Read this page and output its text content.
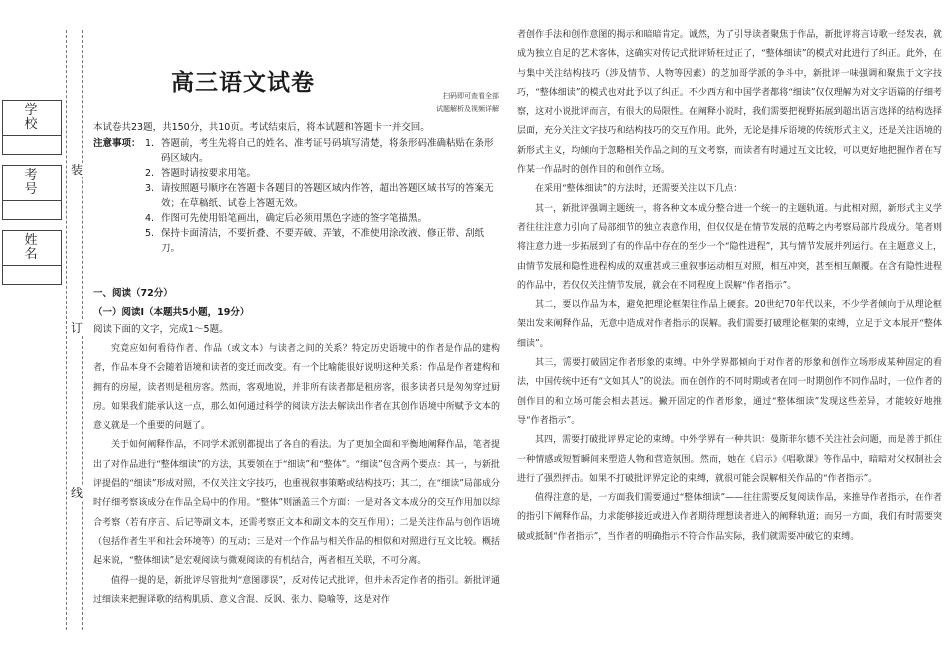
装
订
线
学 校
考 号
姓 名
高三语文试卷	扫码即可查看全部
试题解析及视频详解
本试卷共23题，共150分，共10页。考试结束后，将本试题和答题卡一并交回。
注意事项： 1. 答题前，考生先将自己的姓名、准考证号码填写清楚，将条形码准确粘贴在条形码区域内。
2. 答题时请按要求用笔。
3. 请按照题号顺序在答题卡各题目的答题区域内作答，超出答题区域书写的答案无效；在草稿纸、试卷上答题无效。
4. 作图可先使用铅笔画出，确定后必须用黑色字迹的签字笔描黑。
5. 保持卡面清洁，不要折叠、不要弄破、弄皱，不准使用涂改液、修正带、刮纸刀。
一、阅读（72分）
（一）阅读Ⅰ（本题共5小题，19分）
阅读下面的文字，完成1～5题。

究竟应如何看待作者、作品（或文本）与读者之间的关系？特定历史语境中的作者是作品的建构者，作品本身不会随着语境和读者的变迁而改变。有一个比喻能很好说明这种关系：作品是作者建构和拥有的房屋，读者则是租房客。然而，客观地说，并非所有读者都是租房客，很多读者只是匆匆穿过厨房。如果我们能承认这一点，那么如何通过科学的阅读方法去解读出作者在其创作语境中所赋予文本的意义就是一个重要的问题了。

关于如何阐释作品，不同学术派别都提出了各自的看法。为了更加全面和平衡地阐释作品，笔者提出了对作品进行“整体细读”的方法，其要领在于“细读”和“整体”。“细读”包含两个要点：其一，与新批评提倡的“细读”形成对照，不仅关注文字技巧，也重视叙事策略或结构技巧；其二，在“细读”局部成分时仔细考察该成分在作品全局中的作用。“整体”则涵盖三个方面：一是对各文本成分的交互作用加以综合考察（若有序言、后记等副文本，还需考察正文本和副文本的交互作用）；二是关注作品与创作语境（包括作者生平和社会环境等）的互动；三是对一个作品与相关作品的相似和对照进行互文比较。概括起来说，“整体细读”是宏观阅读与微观阅读的有机结合，两者相互关联，不可分离。

值得一提的是，新批评尽管批判“意图谬误”，反对传记式批评，但并未否定作者的指引。新批评通过细读来把握译歌的结构肌质、意义含混、反讽、张力、隐喻等，这是对作

者创作手法和创作意图的揭示和暗暗肯定。诚然，为了引导读者聚焦于作品，新批评将言诗歌一经发表，就成为独立自足的艺术客体，这确实对传记式批评矫枉过正了，“整体细读”的模式对此进行了纠正。此外，在与集中关注结构技巧（涉及情节、人物等因素）的芝加哥学派的争斗中，新批评一味强调和聚焦于文字技巧，“整体细读”的模式也对此予以了纠正。不少西方和中国学者都将“细读”仅仅理解为对文字语篇的仔细考察，这对小说批评而言，有很大的局限性。在阐释小说时，我们需要把视野拓展到超出语言选择的结构选择层面，充分关注文字技巧和结构技巧的交互作用。此外，无论是排斥语境的传统形式主义，还是关注语境的新形式主义，均倾向于忽略相关作品之间的互文考察，而读者有时通过互文比较，可以更好地把握作者在写作某一作品时的创作目的和创作立场。

在采用“整体细读”的方法时，还需要关注以下几点：

其一，新批评强调主题统一，将各种文本成分整合进一个统一的主题轨道。与此相对照，新形式主义学者往往注意力引向了局部细节的独立表意作用，但仅仅是在情节发展的范畴之内考察局部片段成分。笔者则将注意力进一步拓展到了有的作品中存在的至少一个“隐性进程”，其与情节发展并列运行。在主题意义上，由情节发展和隐性进程构成的双重甚或三重叙事运动相互对照，相互冲突，甚至相互颠覆。在含有隐性进程的作品中，若仅仅关注情节发展，就会在不同程度上误解“作者指示”。

其二，要以作品为本，避免把理论框架往作品上硬套。20世纪70年代以来，不少学者倾向于从理论框架出发来阐释作品，无意中造成对作者指示的误解。我们需要打破理论框架的束缚，立足于文本展开“整体细读”。

其三，需要打破固定作者形象的束缚。中外学界都倾向于对作者的形象和创作立场形成某种固定的看法，中国传统中还有“文如其人”的说法。而在创作的不同时期或者在同一时期创作不同作品时，一位作者的创作目的和立场可能会相去甚远。撇开固定的作者形象，通过“整体细读”发现这些差异，才能较好地推导“作者指示”。

其四，需要打破批评界定论的束缚。中外学界有一种共识：曼斯菲尔德不关注社会问题，而是善于抓住一种情感或短暂瞬间来塑造人物和营造氛围。然而，她在《启示》《唱歌课》等作品中，暗暗对父权制社会进行了强烈抨击。如果不打破批评界定论的束缚，就很可能会误解相关作品的“作者指示”。

值得注意的是，一方面我们需要通过“整体细读”——往往需要反复阅读作品，来推导作者指示，在作者的指引下阐释作品，力求能够接近或进入作者期待理想读者进入的阐释轨道；而另一方面，我们有时需要突破或抵制“作者指示”，当作者的明确指示不符合作品实际，我们就需要冲破它的束缚。
